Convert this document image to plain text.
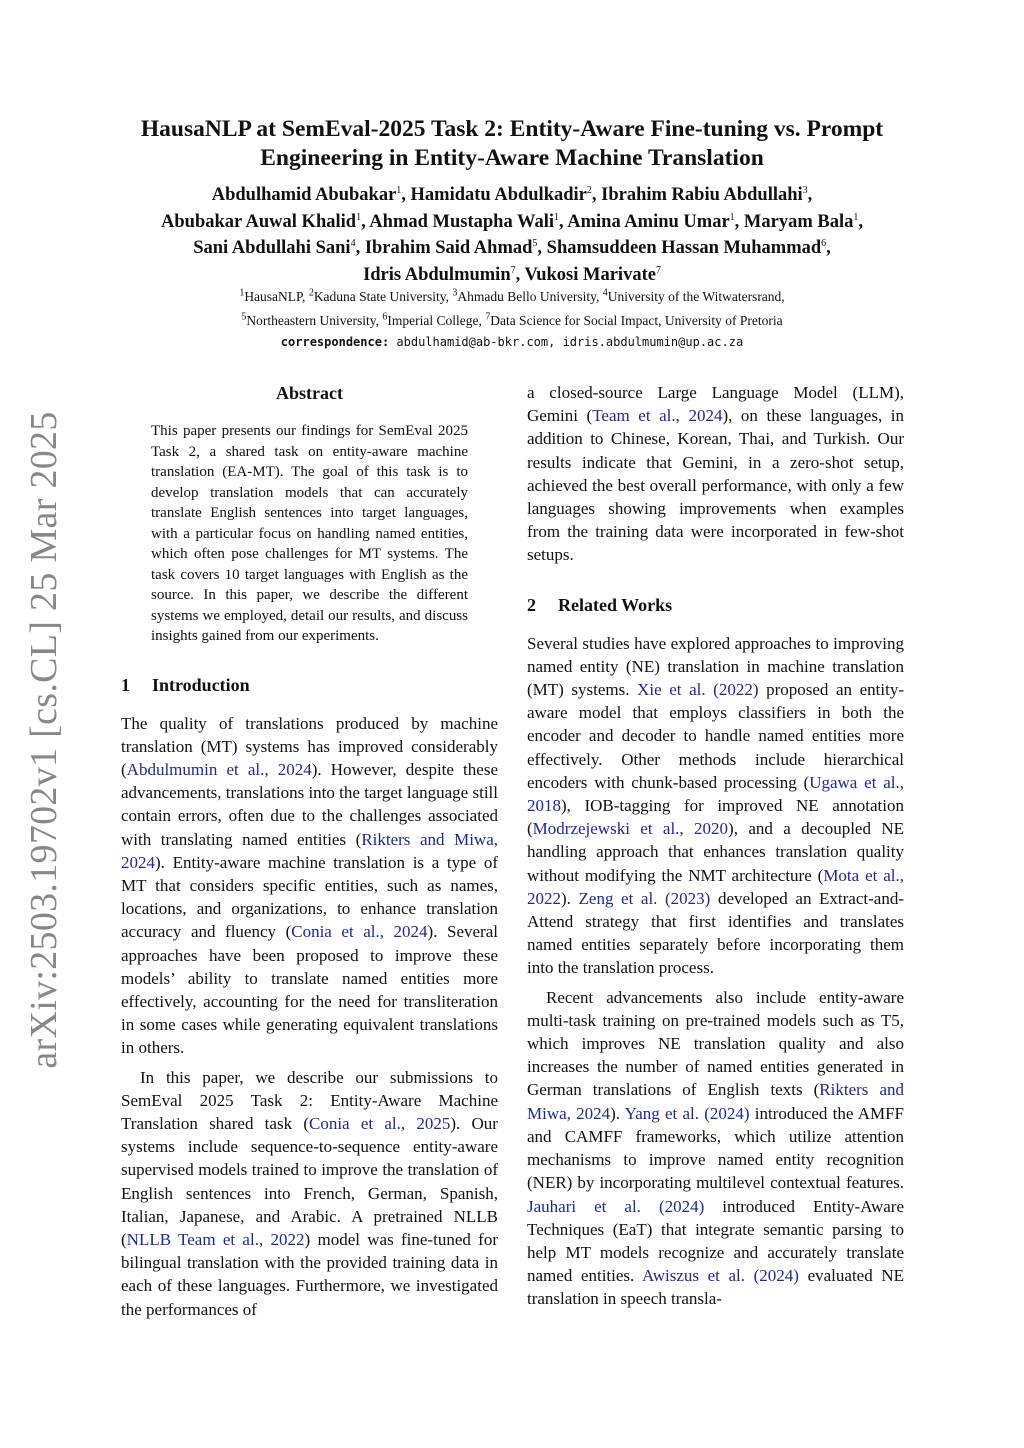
arXiv:2503.19702v1 [cs.CL] 25 Mar 2025
HausaNLP at SemEval-2025 Task 2: Entity-Aware Fine-tuning vs. Prompt
Engineering in Entity-Aware Machine Translation
Abdulhamid Abubakar$^1$, Hamidatu Abdulkadir$^2$, Ibrahim Rabiu Abdullahi$^3$,
Abubakar Auwal Khalid$^1$, Ahmad Mustapha Wali$^1$, Amina Aminu Umar$^1$, Maryam Bala$^1$,
Sani Abdullahi Sani$^4$, Ibrahim Said Ahmad$^5$, Shamsuddeen Hassan Muhammad$^6$,
Idris Abdulmumin$^7$, Vukosi Marivate$^7$
$^1$HausaNLP, $^2$Kaduna State University, $^3$Ahmadu Bello University, $^4$University of the Witwatersrand,
$^5$Northeastern University, $^6$Imperial College, $^7$Data Science for Social Impact, University of Pretoria
correspondence: abdulhamid@ab-bkr.com, idris.abdulmumin@up.ac.za
Abstract
This paper presents our findings for SemEval 2025 Task 2, a shared task on entity-aware machine translation (EA-MT). The goal of this task is to develop translation models that can accurately translate English sentences into target languages, with a particular focus on handling named entities, which often pose challenges for MT systems. The task covers 10 target languages with English as the source. In this paper, we describe the different systems we employed, detail our results, and discuss insights gained from our experiments.
1 Introduction

The quality of translations produced by machine translation (MT) systems has improved considerably (Abdulmumin et al., 2024). However, despite these advancements, translations into the target language still contain errors, often due to the challenges associated with translating named entities (Rikters and Miwa, 2024). Entity-aware machine translation is a type of MT that considers specific entities, such as names, locations, and organizations, to enhance translation accuracy and fluency (Conia et al., 2024). Several approaches have been proposed to improve these models’ ability to translate named entities more effectively, accounting for the need for transliteration in some cases while generating equivalent translations in others.

In this paper, we describe our submissions to SemEval 2025 Task 2: Entity-Aware Machine Translation shared task (Conia et al., 2025). Our systems include sequence-to-sequence entity-aware supervised models trained to improve the translation of English sentences into French, German, Spanish, Italian, Japanese, and Arabic. A pretrained NLLB (NLLB Team et al., 2022) model was fine-tuned for bilingual translation with the provided training data in each of these languages. Furthermore, we investigated the performances of

a closed-source Large Language Model (LLM), Gemini (Team et al., 2024), on these languages, in addition to Chinese, Korean, Thai, and Turkish. Our results indicate that Gemini, in a zero-shot setup, achieved the best overall performance, with only a few languages showing improvements when examples from the training data were incorporated in few-shot setups.

2 Related Works

Several studies have explored approaches to improving named entity (NE) translation in machine translation (MT) systems. Xie et al. (2022) proposed an entity-aware model that employs classifiers in both the encoder and decoder to handle named entities more effectively. Other methods include hierarchical encoders with chunk-based processing (Ugawa et al., 2018), IOB-tagging for improved NE annotation (Modrzejewski et al., 2020), and a decoupled NE handling approach that enhances translation quality without modifying the NMT architecture (Mota et al., 2022). Zeng et al. (2023) developed an Extract-and-Attend strategy that first identifies and translates named entities separately before incorporating them into the translation process.

Recent advancements also include entity-aware multi-task training on pre-trained models such as T5, which improves NE translation quality and also increases the number of named entities generated in German translations of English texts (Rikters and Miwa, 2024). Yang et al. (2024) introduced the AMFF and CAMFF frameworks, which utilize attention mechanisms to improve named entity recognition (NER) by incorporating multilevel contextual features. Jauhari et al. (2024) introduced Entity-Aware Techniques (EaT) that integrate semantic parsing to help MT models recognize and accurately translate named entities. Awiszus et al. (2024) evaluated NE translation in speech transla-
